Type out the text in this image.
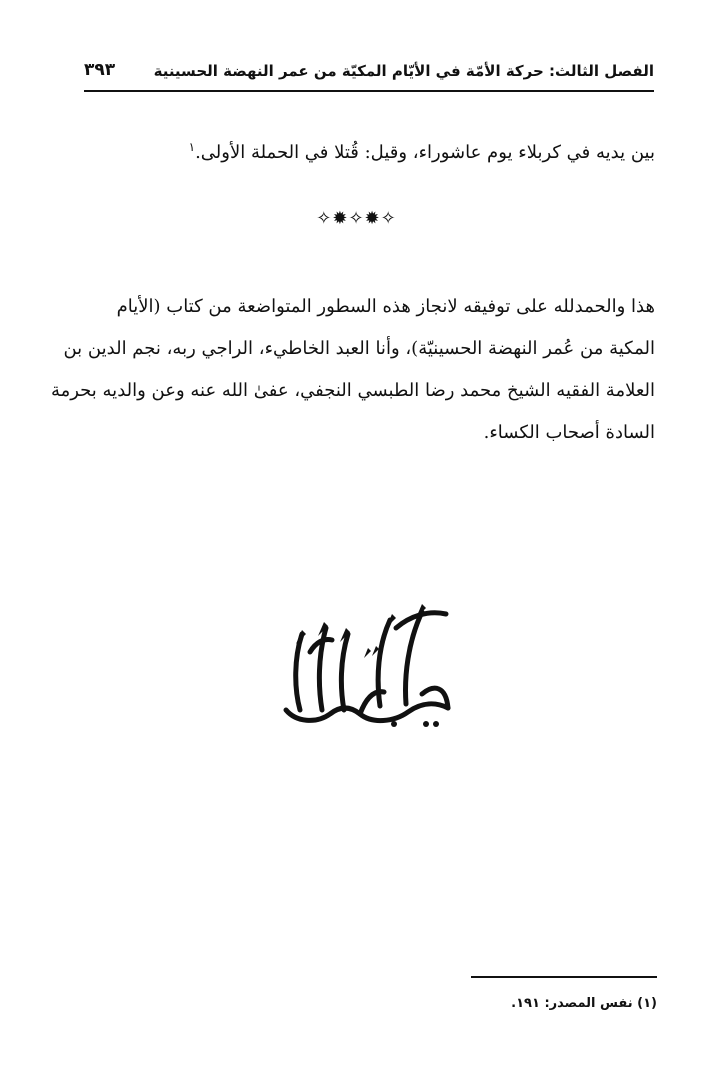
الفصل الثالث: حركة الأمّة في الأيّام المكيّة من عمر النهضة الحسينية
٣٩٣
بين يديه في كربلاء يوم عاشوراء، وقيل: قُتلا في الحملة الأولى.$^١$
✧✹✧✹✧
هذا والحمدلله على توفيقه لانجاز هذه السطور المتواضعة من كتاب (الأيام
المكية من عُمر النهضة الحسينيّة)، وأنا العبد الخاطيء، الراجي ربه، نجم الدين بن
العلامة الفقيه الشيخ محمد رضا الطبسي النجفي، عفىٰ الله عنه وعن والديه بحرمة
السادة أصحاب الكساء.
(١) نفس المصدر: ١٩١.
